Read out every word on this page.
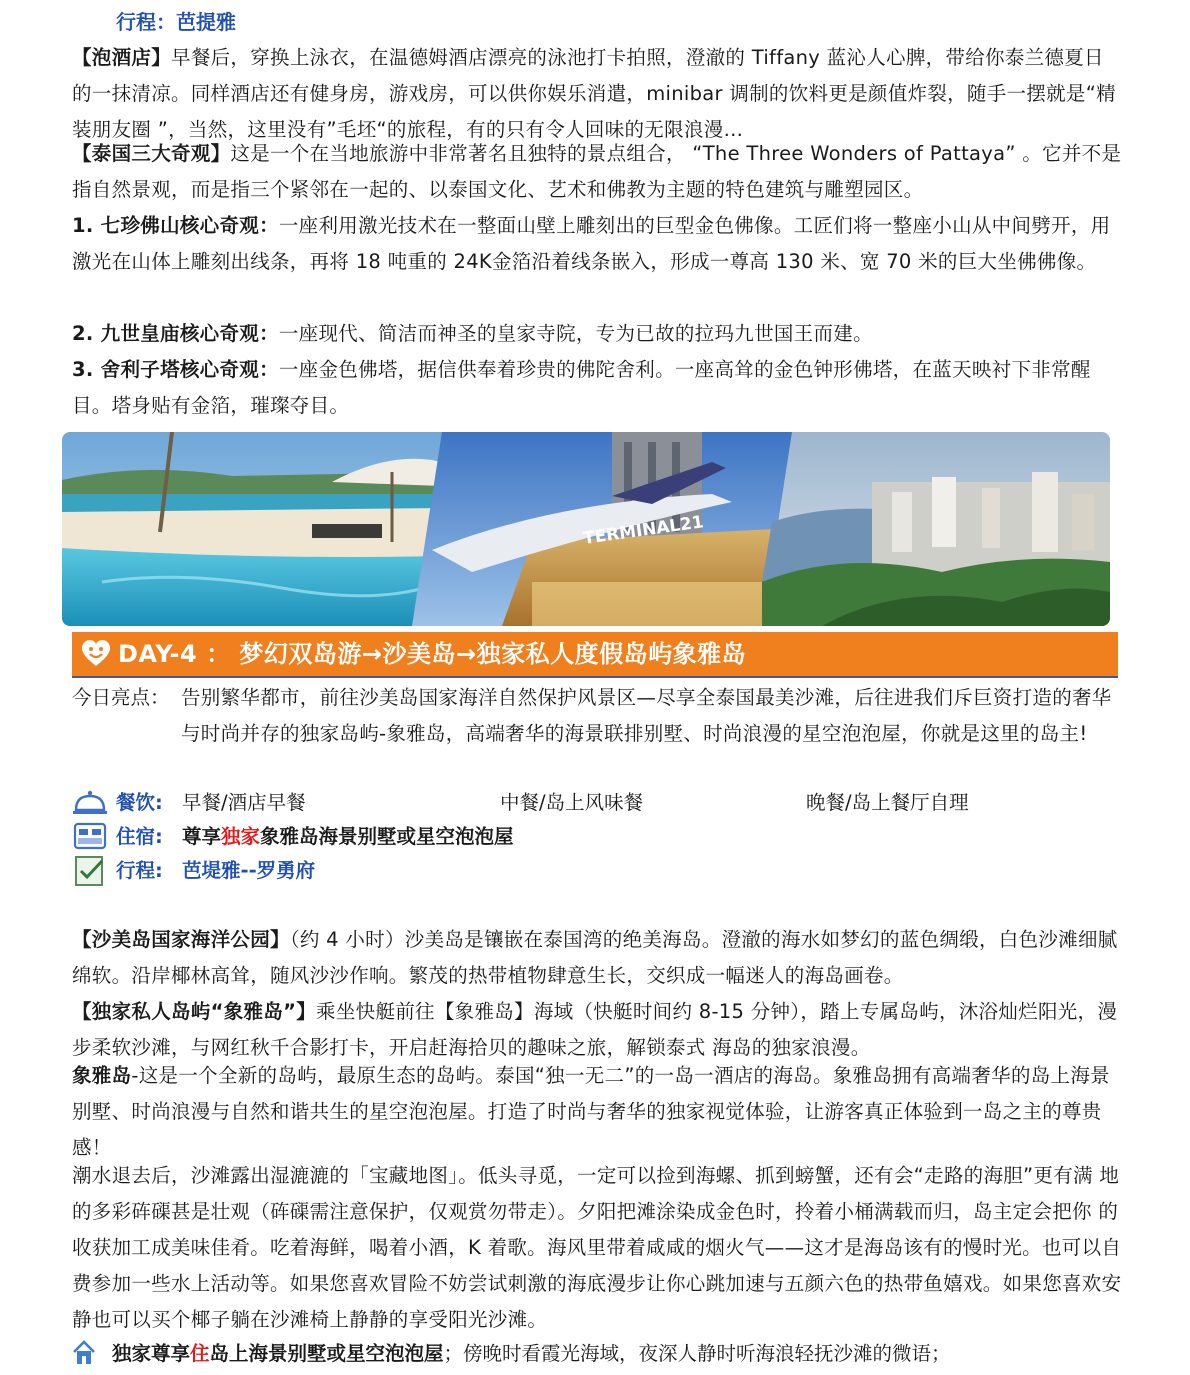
行程：芭提雅
【泡酒店】早餐后，穿换上泳衣，在温德姆酒店漂亮的泳池打卡拍照，澄澈的 Tiffany 蓝沁人心脾，带给你泰兰德夏日的一抹清凉。同样酒店还有健身房，游戏房，可以供你娱乐消遣，minibar 调制的饮料更是颜值炸裂，随手一摆就是“精装朋友圈 ”，当然，这里没有”毛坯“的旅程，有的只有令人回味的无限浪漫…
【泰国三大奇观】这是一个在当地旅游中非常著名且独特的景点组合， “The Three Wonders of Pattaya” 。它并不是指自然景观，而是指三个紧邻在一起的、以泰国文化、艺术和佛教为主题的特色建筑与雕塑园区。
1. 七珍佛山核心奇观：一座利用激光技术在一整面山壁上雕刻出的巨型金色佛像。工匠们将一整座小山从中间劈开，用激光在山体上雕刻出线条，再将 18 吨重的 24K金箔沿着线条嵌入，形成一尊高 130 米、宽 70 米的巨大坐佛佛像。
2. 九世皇庙核心奇观：一座现代、简洁而神圣的皇家寺院，专为已故的拉玛九世国王而建。
3. 舍利子塔核心奇观：一座金色佛塔，据信供奉着珍贵的佛陀舍利。一座高耸的金色钟形佛塔，在蓝天映衬下非常醒目。塔身贴有金箔，璀璨夺目。
TERMINAL21
DAY-4 ： 梦幻双岛游→沙美岛→独家私人度假岛屿象雅岛
今日亮点： 告别繁华都市，前往沙美岛国家海洋自然保护风景区—尽享全泰国最美沙滩，后往进我们斥巨资打造的奢华与时尚并存的独家岛屿-象雅岛，高端奢华的海景联排别墅、时尚浪漫的星空泡泡屋，你就是这里的岛主!
餐饮: 早餐/酒店早餐	中餐/岛上风味餐	晚餐/岛上餐厅自理
住宿: 尊享独家象雅岛海景别墅或星空泡泡屋
行程: 芭堤雅--罗勇府
【沙美岛国家海洋公园】（约 4 小时）沙美岛是镶嵌在泰国湾的绝美海岛。澄澈的海水如梦幻的蓝色绸缎，白色沙滩细腻绵软。沿岸椰林高耸，随风沙沙作响。繁茂的热带植物肆意生长，交织成一幅迷人的海岛画卷。
【独家私人岛屿“象雅岛”】乘坐快艇前往【象雅岛】海域（快艇时间约 8-15 分钟），踏上专属岛屿，沐浴灿烂阳光，漫步柔软沙滩，与网红秋千合影打卡，开启赶海拾贝的趣味之旅，解锁泰式 海岛的独家浪漫。
象雅岛-这是一个全新的岛屿，最原生态的岛屿。泰国“独一无二”的一岛一酒店的海岛。象雅岛拥有高端奢华的岛上海景别墅、时尚浪漫与自然和谐共生的星空泡泡屋。打造了时尚与奢华的独家视觉体验，让游客真正体验到一岛之主的尊贵感！
潮水退去后，沙滩露出湿漉漉的「宝藏地图」。低头寻觅，一定可以捡到海螺、抓到螃蟹，还有会“走路的海胆”更有满 地的多彩砗磲甚是壮观（砗磲需注意保护，仅观赏勿带走）。夕阳把滩涂染成金色时，拎着小桶满载而归，岛主定会把你 的收获加工成美味佳肴。吃着海鲜，喝着小酒，K 着歌。海风里带着咸咸的烟火气——这才是海岛该有的慢时光。也可以自费参加一些水上活动等。如果您喜欢冒险不妨尝试刺激的海底漫步让你心跳加速与五颜六色的热带鱼嬉戏。如果您喜欢安静也可以买个椰子躺在沙滩椅上静静的享受阳光沙滩。
独家尊享住岛上海景别墅或星空泡泡屋；傍晚时看霞光海域，夜深人静时听海浪轻抚沙滩的微语；
